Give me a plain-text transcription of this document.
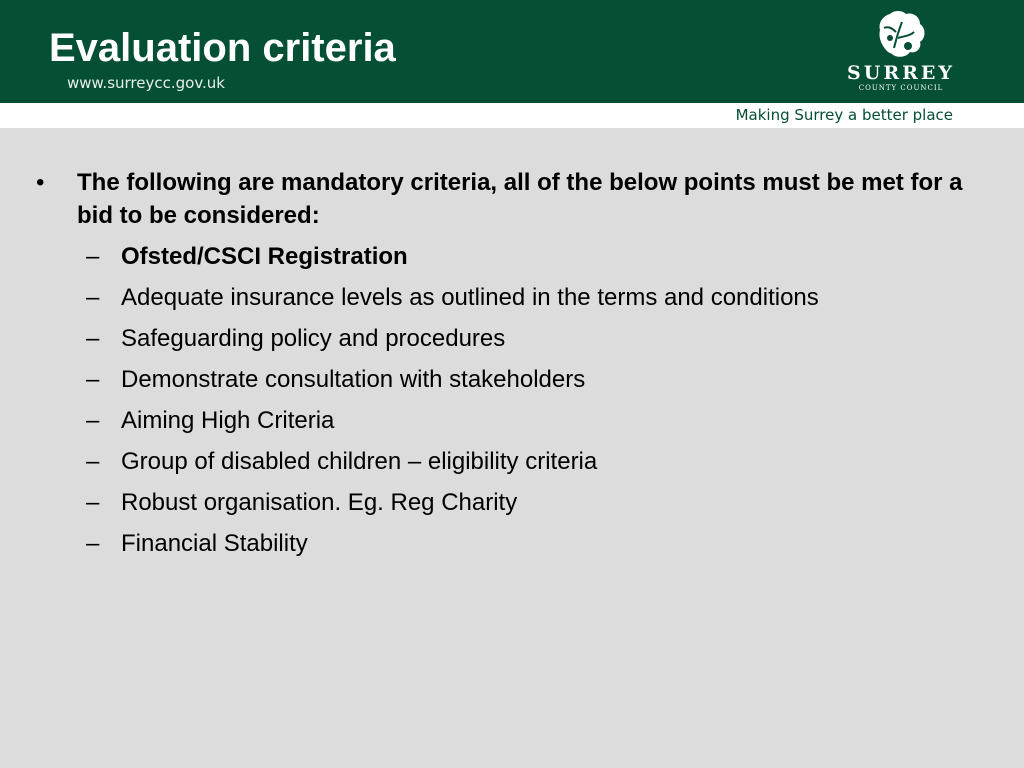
Evaluation criteria
www.surreycc.gov.uk	SURREY
COUNTY COUNCIL
Making Surrey a better place
• The following are mandatory criteria, all of the below points must be met for a bid to be considered:
– Ofsted/CSCI Registration
– Adequate insurance levels as outlined in the terms and conditions
– Safeguarding policy and procedures
– Demonstrate consultation with stakeholders
– Aiming High Criteria
– Group of disabled children – eligibility criteria
– Robust organisation. Eg. Reg Charity
– Financial Stability
